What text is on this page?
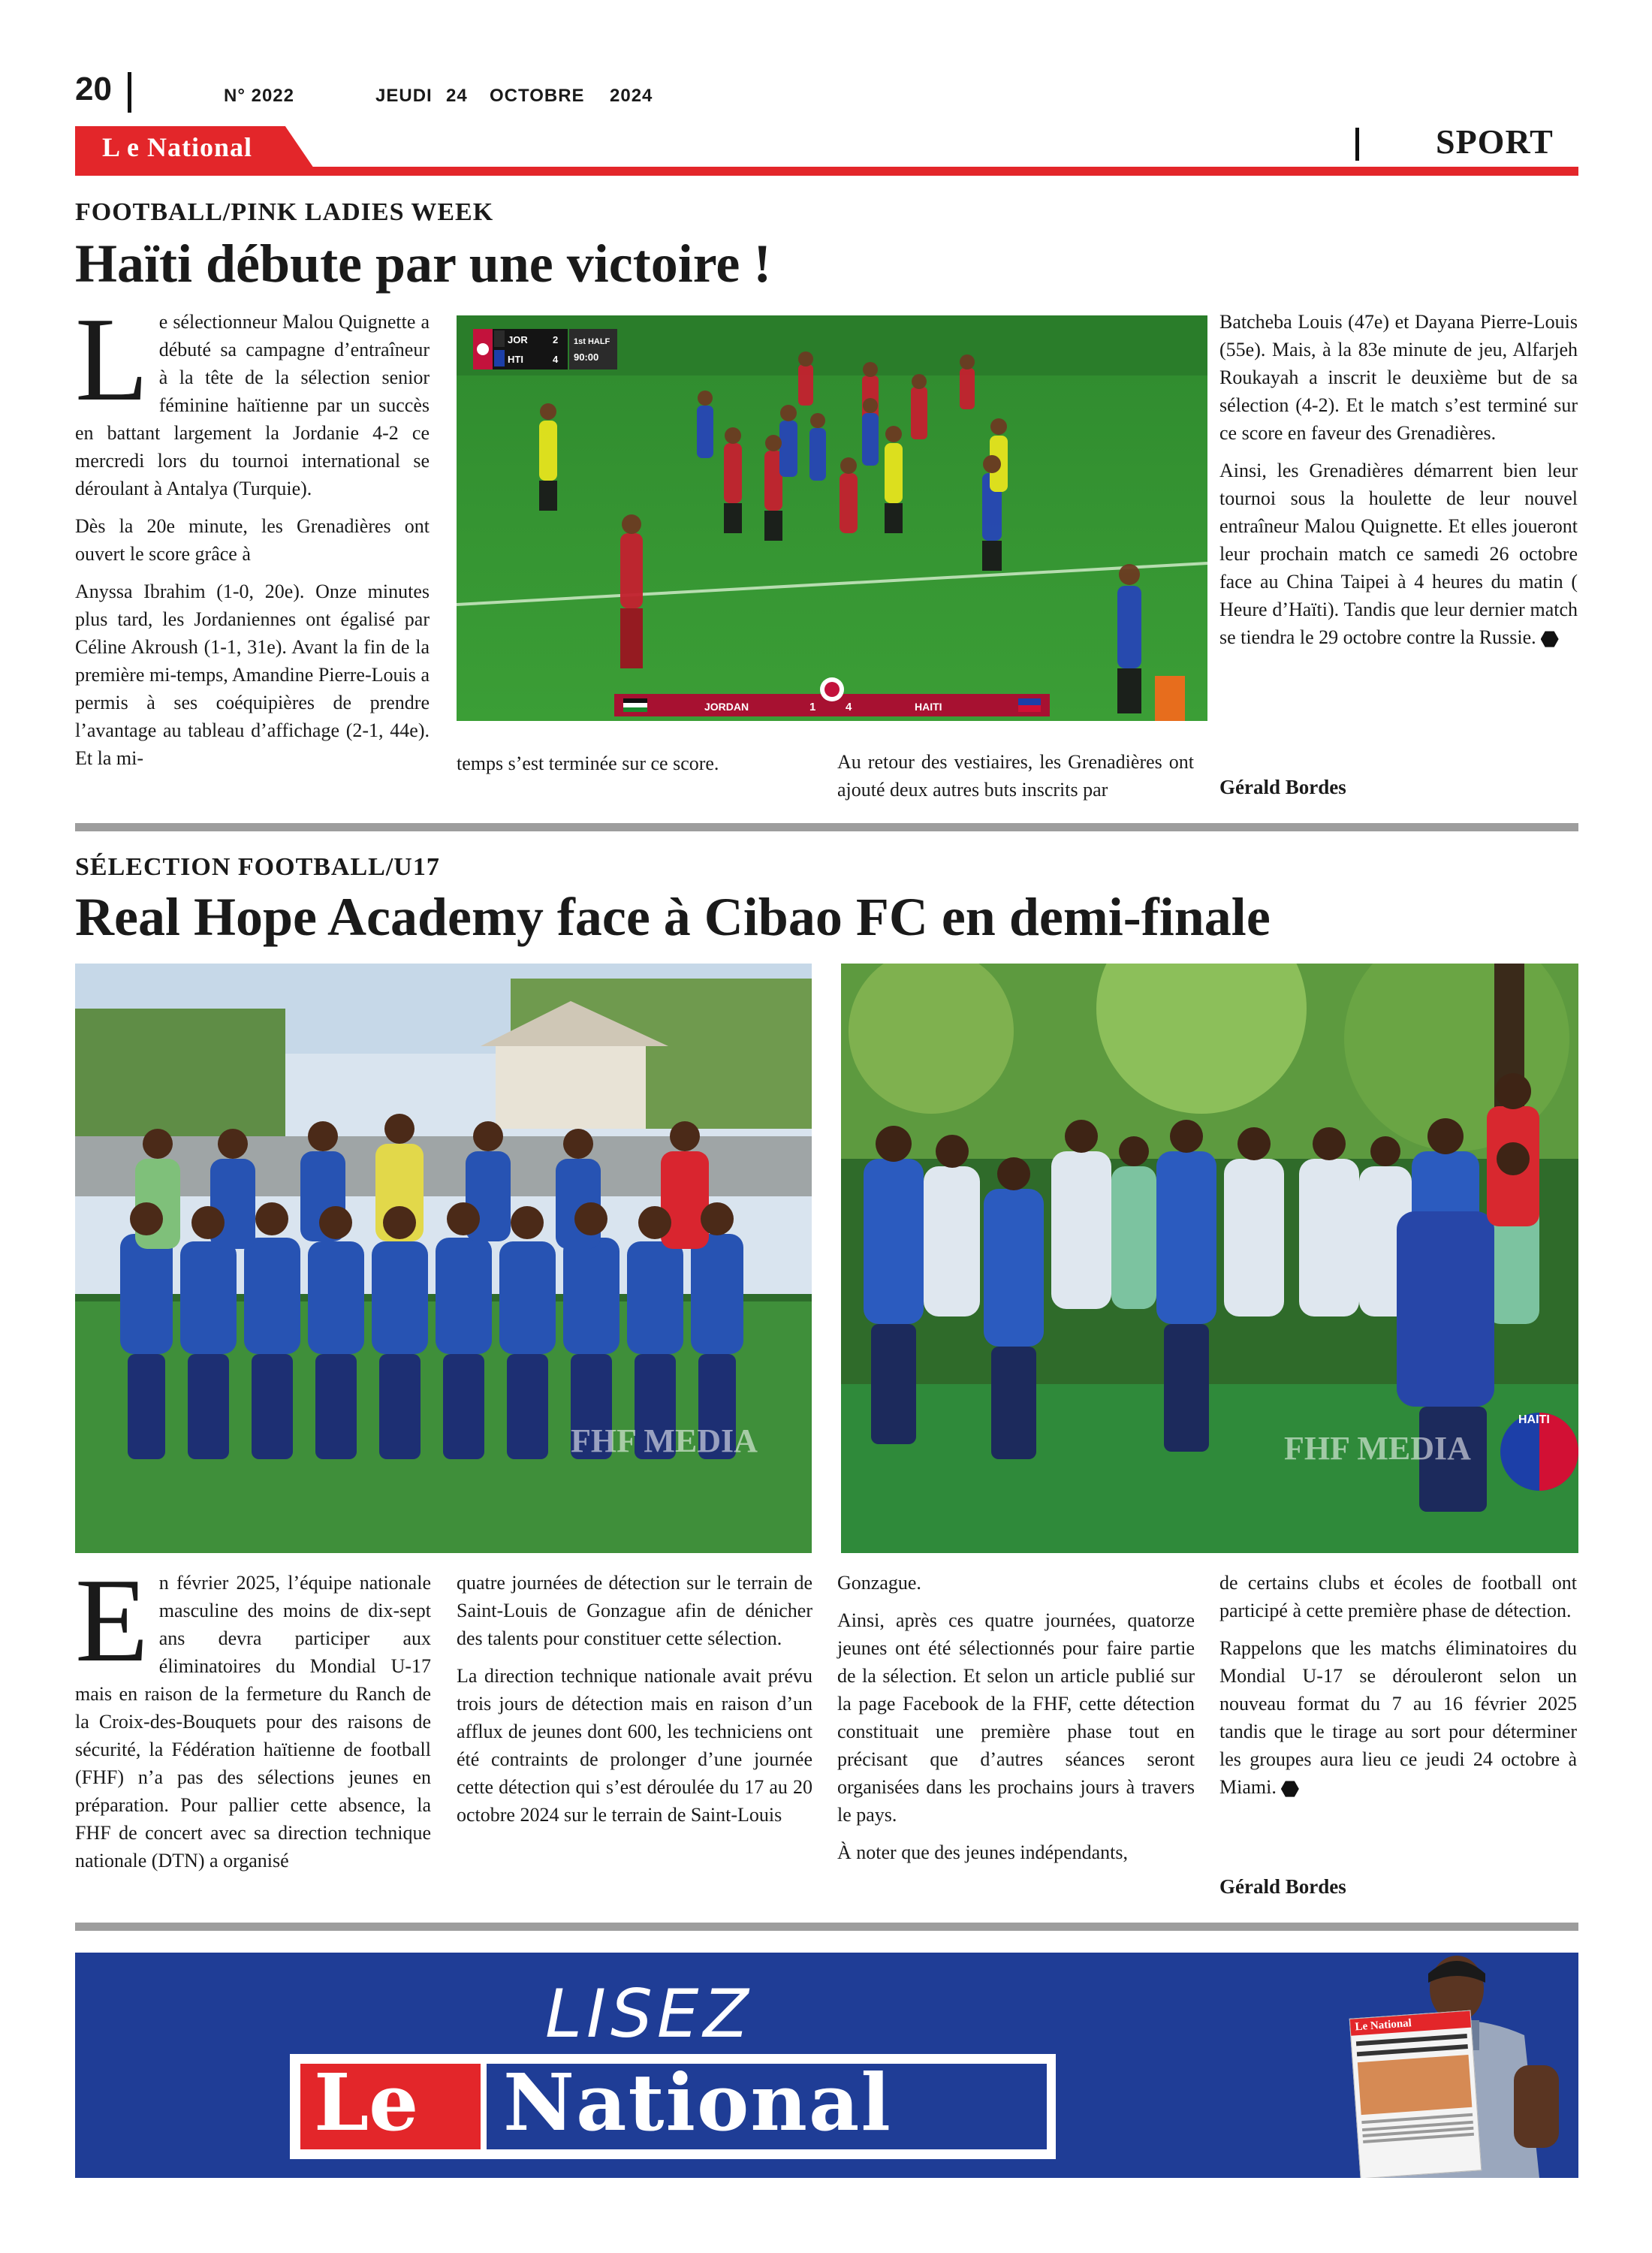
20	N° 2022	JEUDI 24 OCTOBRE 2024
L e National	SPORT
FOOTBALL/PINK LADIES WEEK
Haïti débute par une victoire !

Le sélectionneur Malou Quignette a débuté sa campagne d’entraîneur à la tête de la sélection senior féminine haïtienne par un succès en battant largement la Jordanie 4-2 ce mercredi lors du tournoi international se déroulant à Antalya (Turquie).

Dès la 20e minute, les Grenadières ont ouvert le score grâce à

Anyssa Ibrahim (1-0, 20e). Onze minutes plus tard, les Jordaniennes ont égalisé par Céline Akroush (1-1, 31e). Avant la fin de la première mi-temps, Amandine Pierre-Louis a permis à ses coéquipières de prendre l’avantage au tableau d’affichage (2-1, 44e). Et la mi-

JOR	2
HTI	4
1st HALF
90:00
JORDAN	1	4	HAITI

temps s’est terminée sur ce score.	Au retour des vestiaires, les Grenadières ont ajouté deux autres buts inscrits par

Batcheba Louis (47e) et Dayana Pierre-Louis (55e). Mais, à la 83e minute de jeu, Alfarjeh Roukayah a inscrit le deuxième but de sa sélection (4-2). Et le match s’est terminé sur ce score en faveur des Grenadières.

Ainsi, les Grenadières démarrent bien leur tournoi sous la houlette de leur nouvel entraîneur Malou Quignette. Et elles joueront leur prochain match ce samedi 26 octobre face au China Taipei à 4 heures du matin ( Heure d’Haïti). Tandis que leur dernier match se tiendra le 29 octobre contre la Russie.

Gérald Bordes
SÉLECTION FOOTBALL/U17
Real Hope Academy face à Cibao FC en demi-finale
FHF MEDIA
HAITI
FHF MEDIA

En février 2025, l’équipe nationale masculine des moins de dix-sept ans devra participer aux éliminatoires du Mondial U-17 mais en raison de la fermeture du Ranch de la Croix-des-Bouquets pour des raisons de sécurité, la Fédération haïtienne de football (FHF) n’a pas des sélections jeunes en préparation. Pour pallier cette absence, la FHF de concert avec sa direction technique nationale (DTN) a organisé

quatre journées de détection sur le terrain de Saint-Louis de Gonzague afin de dénicher des talents pour constituer cette sélection.

La direction technique nationale avait prévu trois jours de détection mais en raison d’un afflux de jeunes dont 600, les techniciens ont été contraints de prolonger d’une journée cette détection qui s’est déroulée du 17 au 20 octobre 2024 sur le terrain de Saint-Louis

Gonzague.

Ainsi, après ces quatre journées, quatorze jeunes ont été sélectionnés pour faire partie de la sélection. Et selon un article publié sur la page Facebook de la FHF, cette détection constituait une première phase tout en précisant que d’autres séances seront organisées dans les prochains jours à travers le pays.

À noter que des jeunes indépendants,

de certains clubs et écoles de football ont participé à cette première phase de détection.

Rappelons que les matchs éliminatoires du Mondial U-17 se dérouleront selon un nouveau format du 7 au 16 février 2025 tandis que le tirage au sort pour déterminer les groupes aura lieu ce jeudi 24 octobre à Miami.

Gérald Bordes
LISEZ
Le National
Le National
